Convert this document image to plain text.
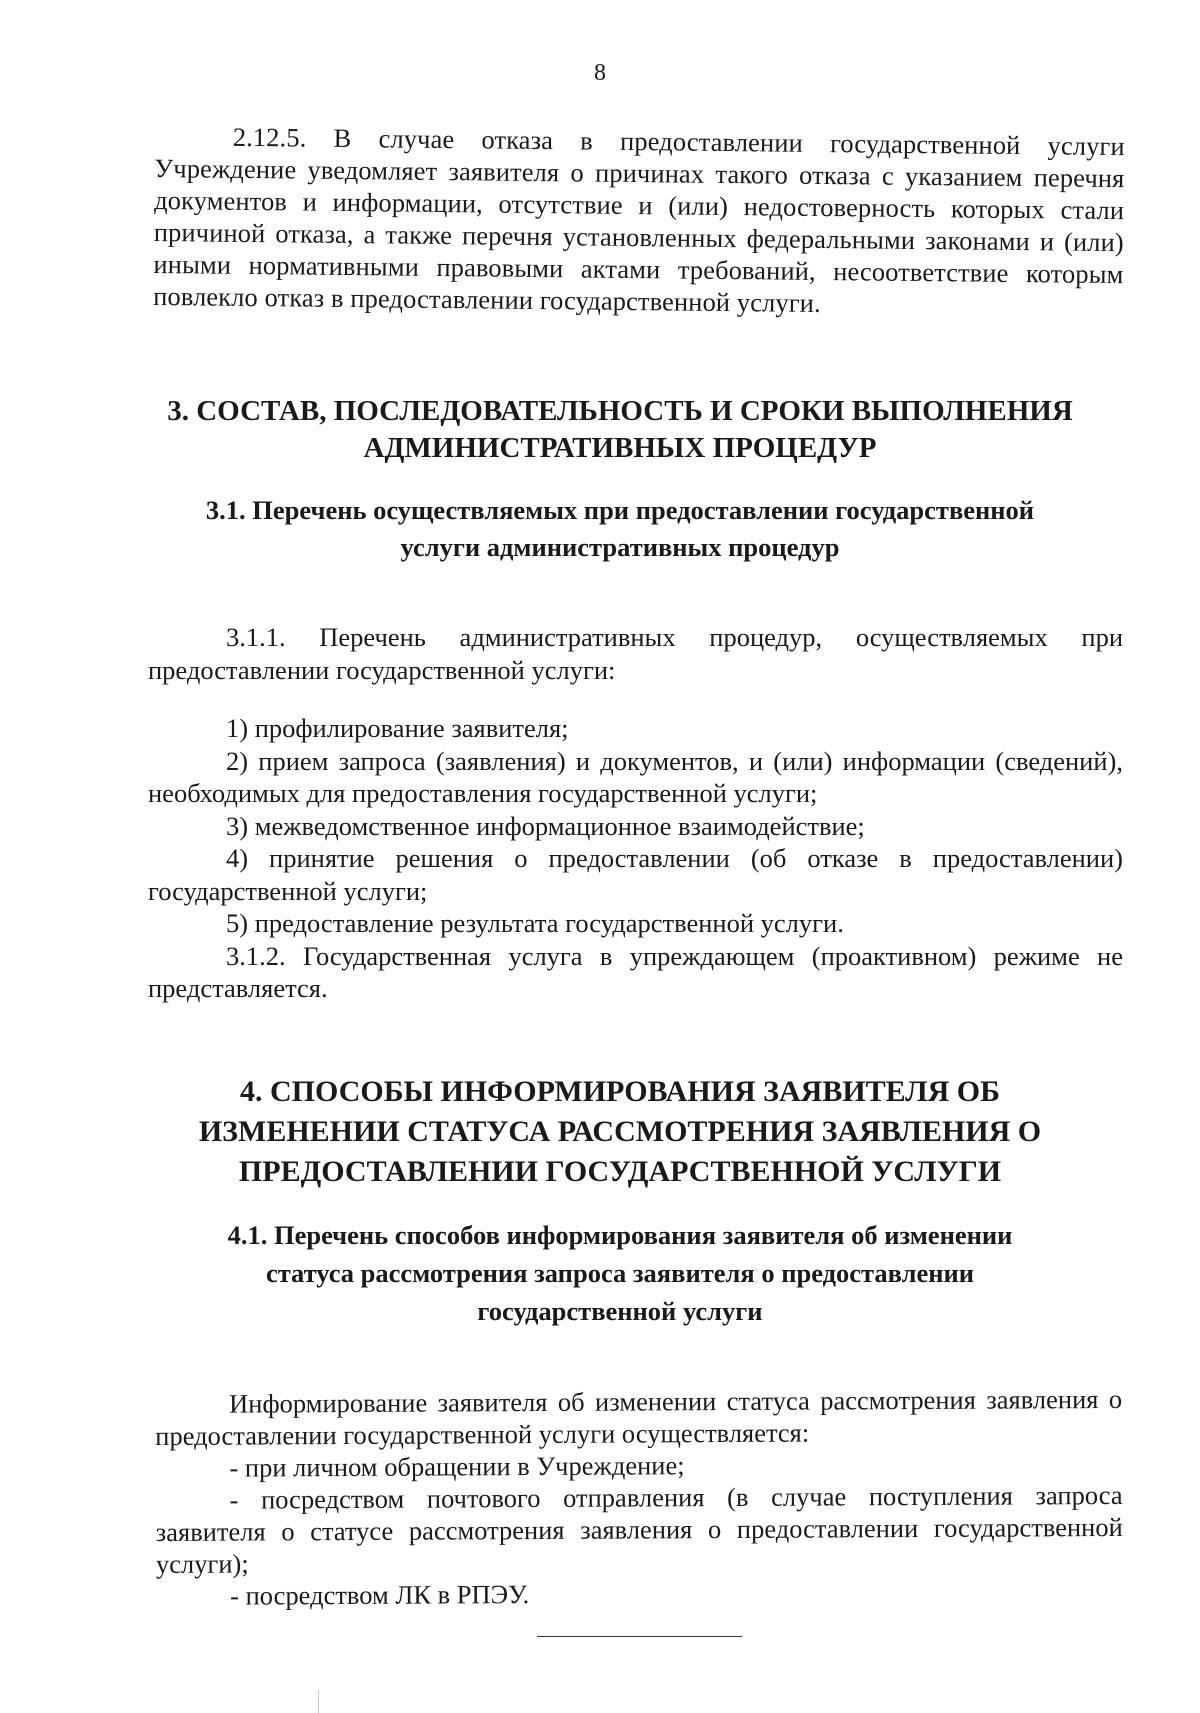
8
2.12.5. В случае отказа в предоставлении государственной услуги Учреждение уведомляет заявителя о причинах такого отказа с указанием перечня документов и информации, отсутствие и (или) недостоверность которых стали причиной отказа, а также перечня установленных федеральными законами и (или) иными нормативными правовыми актами требований, несоответствие которым повлекло отказ в предоставлении государственной услуги.
3. СОСТАВ, ПОСЛЕДОВАТЕЛЬНОСТЬ И СРОКИ ВЫПОЛНЕНИЯ
АДМИНИСТРАТИВНЫХ ПРОЦЕДУР
3.1. Перечень осуществляемых при предоставлении государственной
услуги административных процедур

3.1.1. Перечень административных процедур, осуществляемых при предоставлении государственной услуги:

1) профилирование заявителя;

2) прием запроса (заявления) и документов, и (или) информации (сведений), необходимых для предоставления государственной услуги;

3) межведомственное информационное взаимодействие;

4) принятие решения о предоставлении (об отказе в предоставлении) государственной услуги;

5) предоставление результата государственной услуги.

3.1.2. Государственная услуга в упреждающем (проактивном) режиме не представляется.

4. СПОСОБЫ ИНФОРМИРОВАНИЯ ЗАЯВИТЕЛЯ ОБ
ИЗМЕНЕНИИ СТАТУСА РАССМОТРЕНИЯ ЗАЯВЛЕНИЯ О
ПРЕДОСТАВЛЕНИИ ГОСУДАРСТВЕННОЙ УСЛУГИ
4.1. Перечень способов информирования заявителя об изменении
статуса рассмотрения запроса заявителя о предоставлении
государственной услуги

Информирование заявителя об изменении статуса рассмотрения заявления о предоставлении государственной услуги осуществляется:

- при личном обращении в Учреждение;

- посредством почтового отправления (в случае поступления запроса заявителя о статусе рассмотрения заявления о предоставлении государственной услуги);

- посредством ЛК в РПЭУ.
